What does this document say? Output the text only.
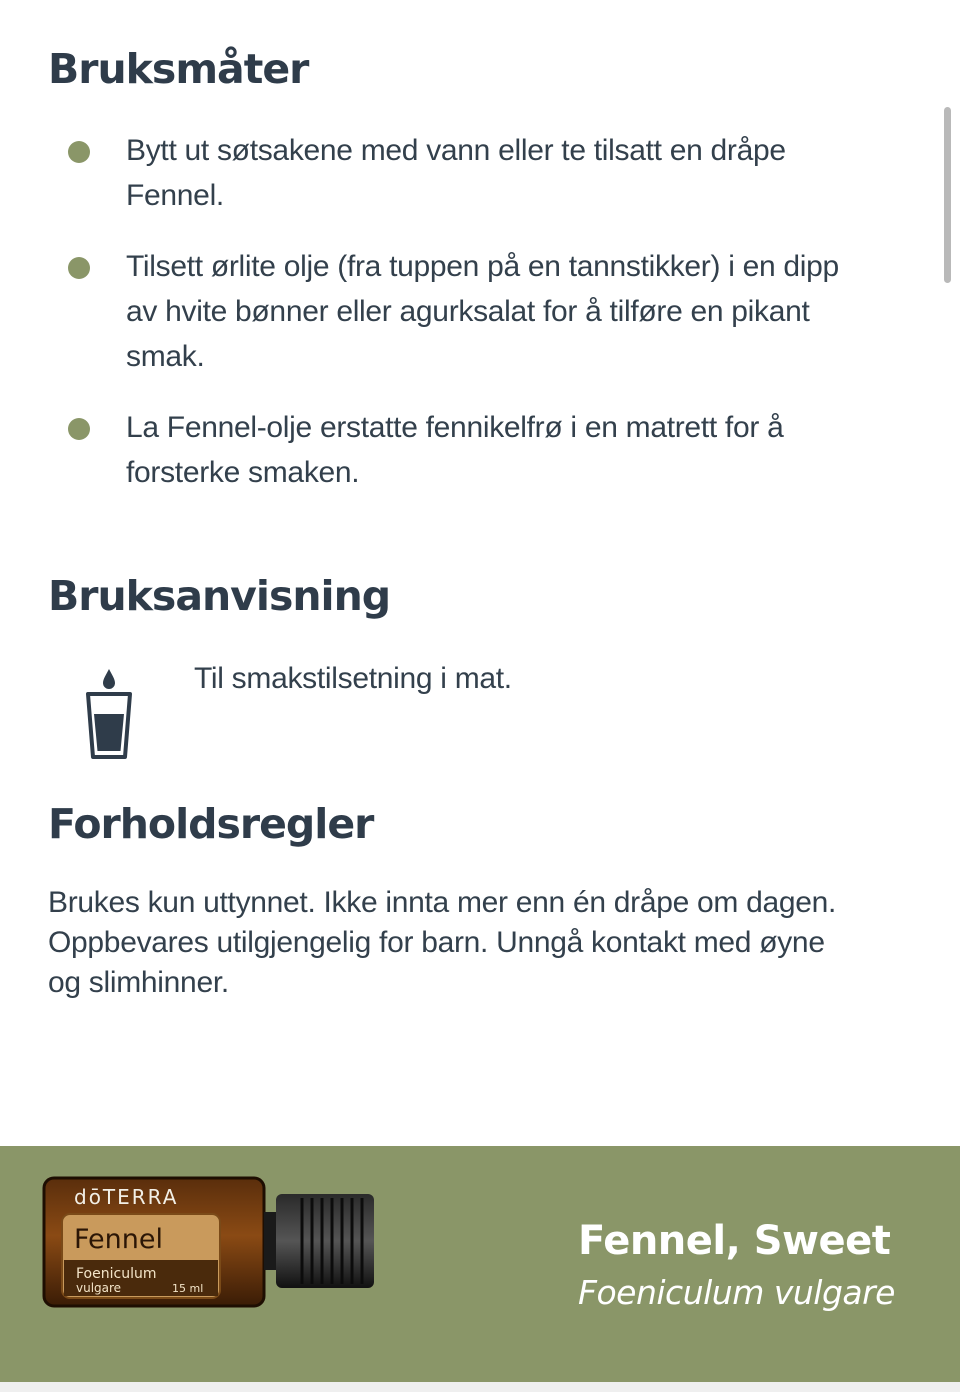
Bruksmåter
Bytt ut søtsakene med vann eller te tilsatt en dråpe Fennel.
Tilsett ørlite olje (fra tuppen på en tannstikker) i en dipp av hvite bønner eller agurksalat for å tilføre en pikant smak.
La Fennel-olje erstatte fennikelfrø i en matrett for å forsterke smaken.
Bruksanvisning
Til smakstilsetning i mat.
Forholdsregler
Brukes kun uttynnet. Ikke innta mer enn én dråpe om dagen. Oppbevares utilgjengelig for barn. Unngå kontakt med øyne og slimhinner.
dōTERRA
Fennel
Foeniculum
vulgare	15 ml
Fennel, Sweet
Foeniculum vulgare
